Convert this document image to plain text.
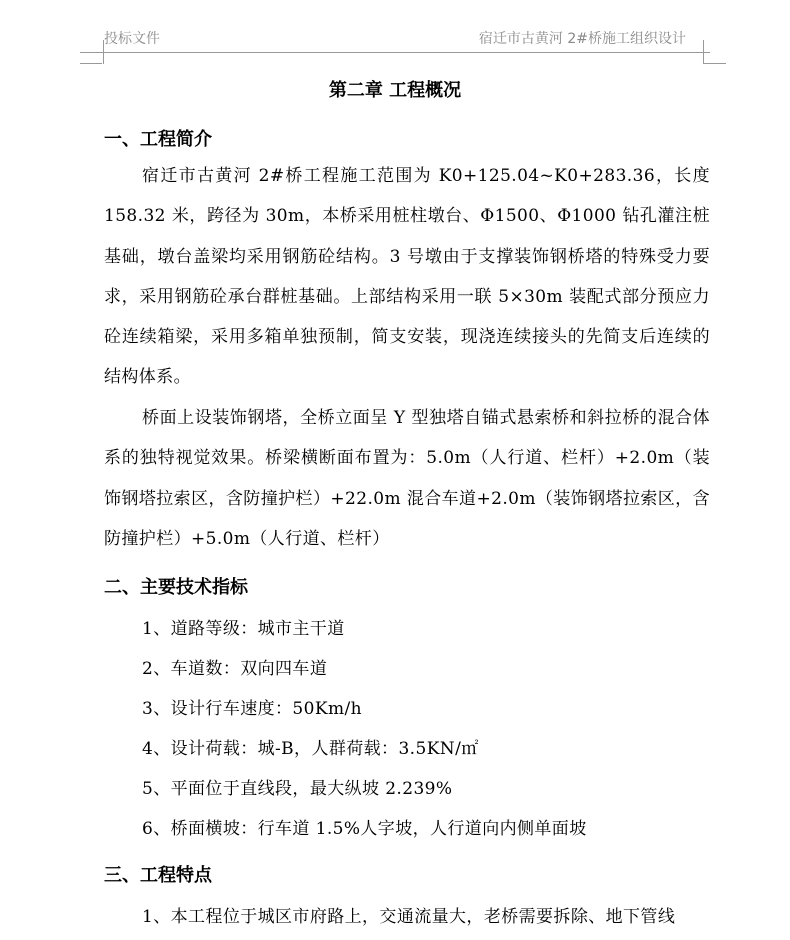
投标文件	宿迁市古黄河 2#桥施工组织设计
第二章 工程概况
一、工程简介
宿迁市古黄河 2#桥工程施工范围为 K0+125.04~K0+283.36，长度 158.32 米，跨径为 30m，本桥采用桩柱墩台、Φ1500、Φ1000 钻孔灌注桩基础，墩台盖梁均采用钢筋砼结构。3 号墩由于支撑装饰钢桥塔的特殊受力要求，采用钢筋砼承台群桩基础。上部结构采用一联 5×30m 装配式部分预应力砼连续箱梁，采用多箱单独预制，简支安装，现浇连续接头的先简支后连续的结构体系。
桥面上设装饰钢塔，全桥立面呈 Y 型独塔自锚式悬索桥和斜拉桥的混合体系的独特视觉效果。桥梁横断面布置为：5.0m（人行道、栏杆）+2.0m（装饰钢塔拉索区，含防撞护栏）+22.0m 混合车道+2.0m（装饰钢塔拉索区，含防撞护栏）+5.0m（人行道、栏杆）
二、主要技术指标
1、道路等级：城市主干道
2、车道数：双向四车道
3、设计行车速度：50Km/h
4、设计荷载：城-B，人群荷载：3.5KN/㎡
5、平面位于直线段，最大纵坡 2.239%
6、桥面横坡：行车道 1.5%人字坡，人行道向内侧单面坡
三、工程特点
1、本工程位于城区市府路上，交通流量大，老桥需要拆除、地下管线
